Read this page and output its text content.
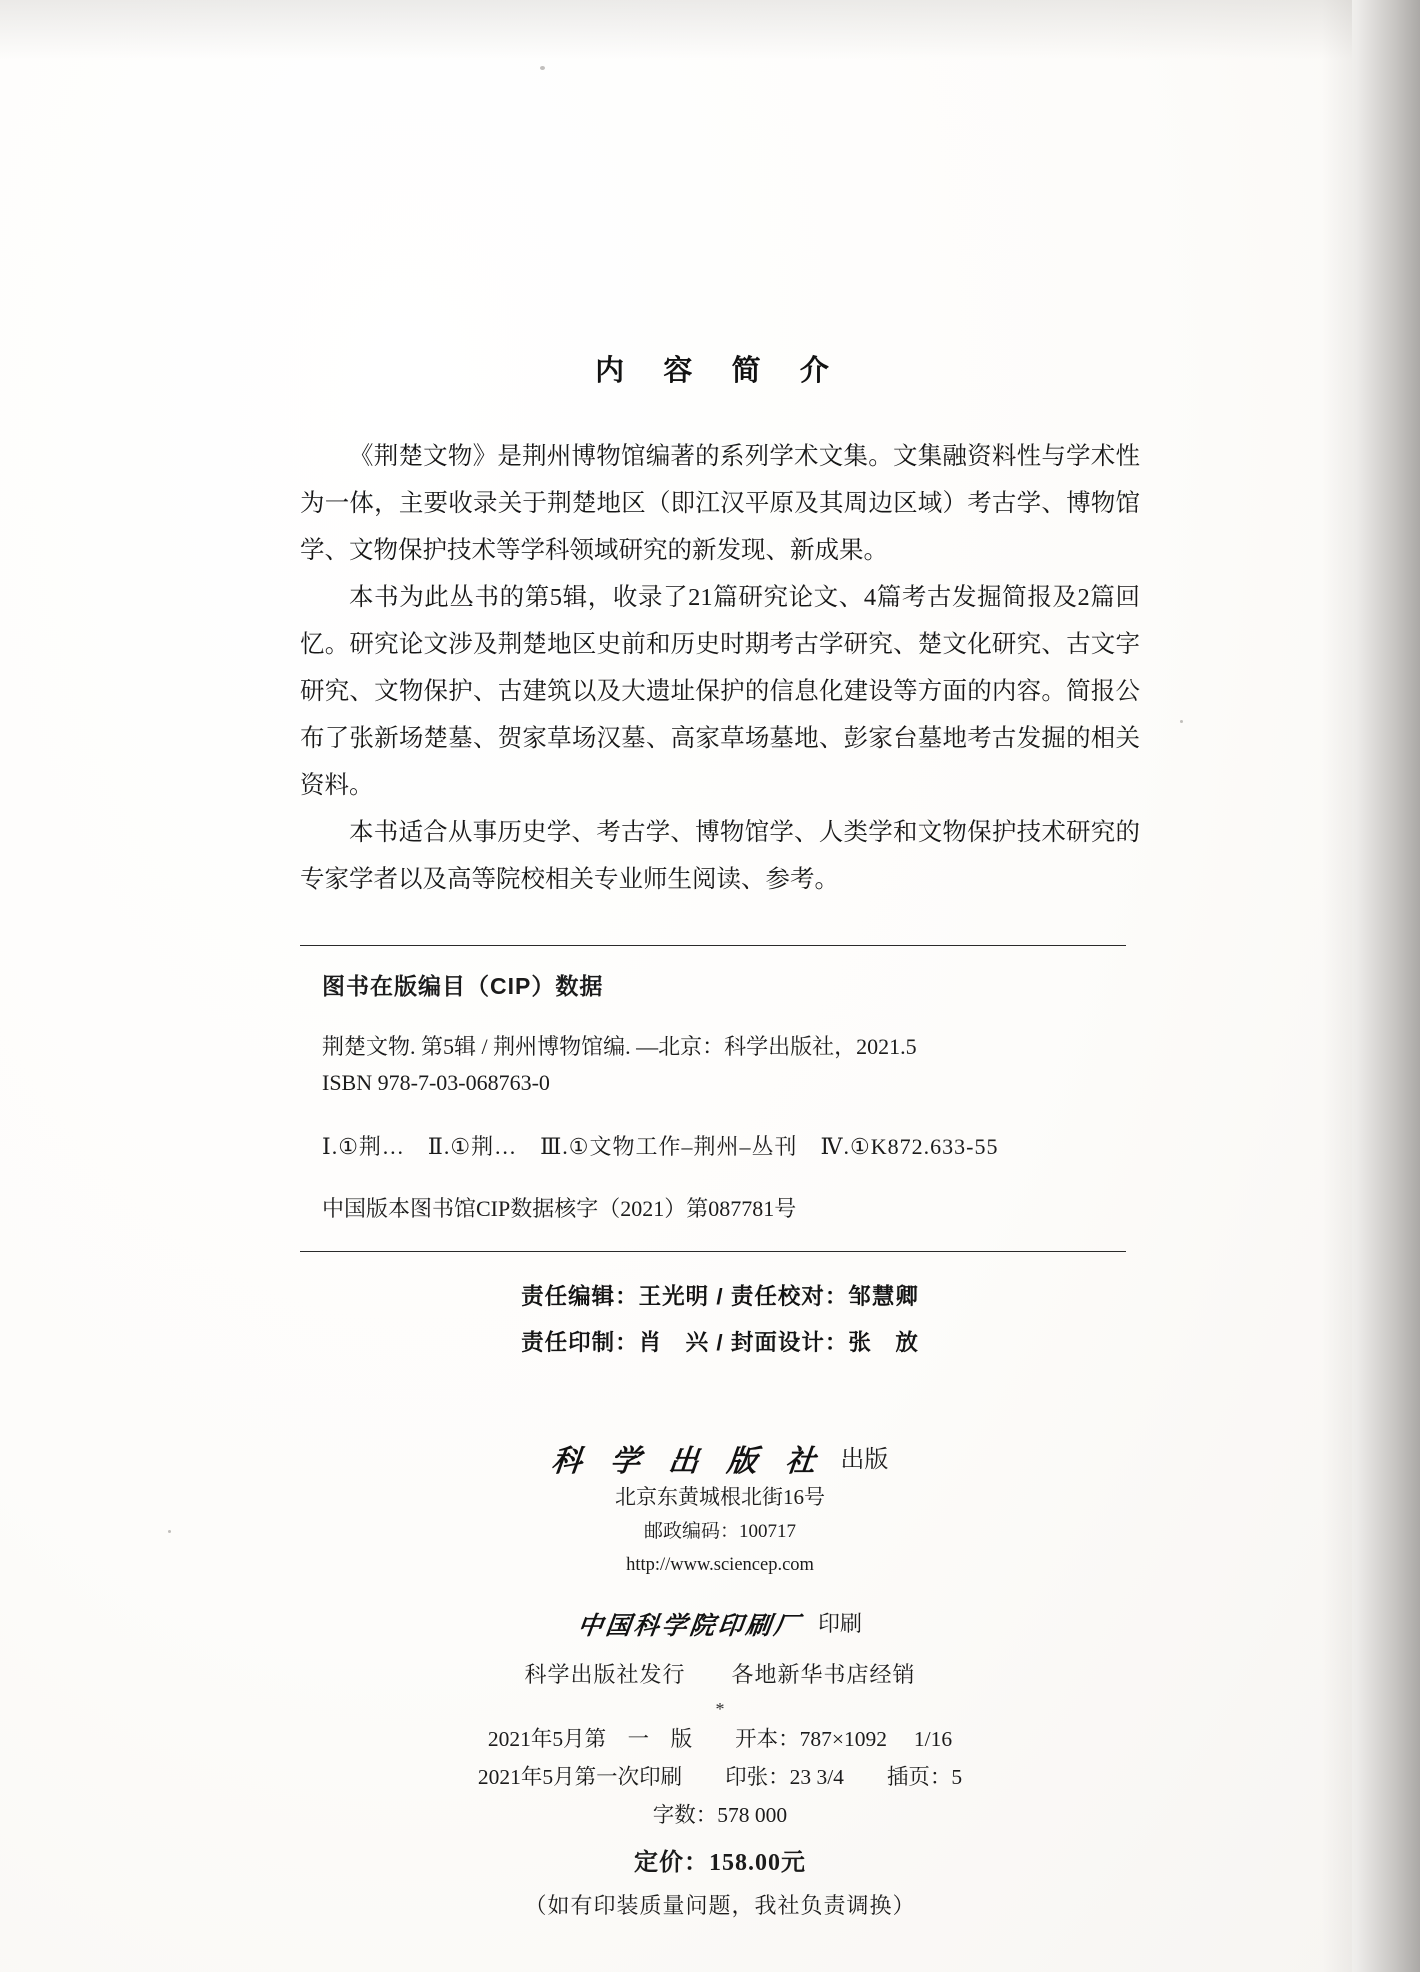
内 容 简 介

《荆楚文物》是荆州博物馆编著的系列学术文集。文集融资料性与学术性为一体，主要收录关于荆楚地区（即江汉平原及其周边区域）考古学、博物馆学、文物保护技术等学科领域研究的新发现、新成果。

本书为此丛书的第5辑，收录了21篇研究论文、4篇考古发掘简报及2篇回忆。研究论文涉及荆楚地区史前和历史时期考古学研究、楚文化研究、古文字研究、文物保护、古建筑以及大遗址保护的信息化建设等方面的内容。简报公布了张新场楚墓、贺家草场汉墓、高家草场墓地、彭家台墓地考古发掘的相关资料。

本书适合从事历史学、考古学、博物馆学、人类学和文物保护技术研究的专家学者以及高等院校相关专业师生阅读、参考。

图书在版编目（CIP）数据
荆楚文物. 第5辑 / 荆州博物馆编. —北京：科学出版社，2021.5
ISBN 978-7-03-068763-0
Ⅰ.①荆…　Ⅱ.①荆…　Ⅲ.①文物工作–荆州–丛刊　Ⅳ.①K872.633-55
中国版本图书馆CIP数据核字（2021）第087781号
责任编辑：王光明 / 责任校对：邹慧卿
责任印制：肖　兴 / 封面设计：张　放
科 学 出 版 社 出版
北京东黄城根北街16号
邮政编码：100717
http://www.sciencep.com
中国科学院印刷厂 印刷
科学出版社发行　　各地新华书店经销
*
2021年5月第　一　版　　开本：787×1092　 1/16
2021年5月第一次印刷　　印张：23 3/4　　插页：5
字数：578 000
定价：158.00元
（如有印装质量问题，我社负责调换）
